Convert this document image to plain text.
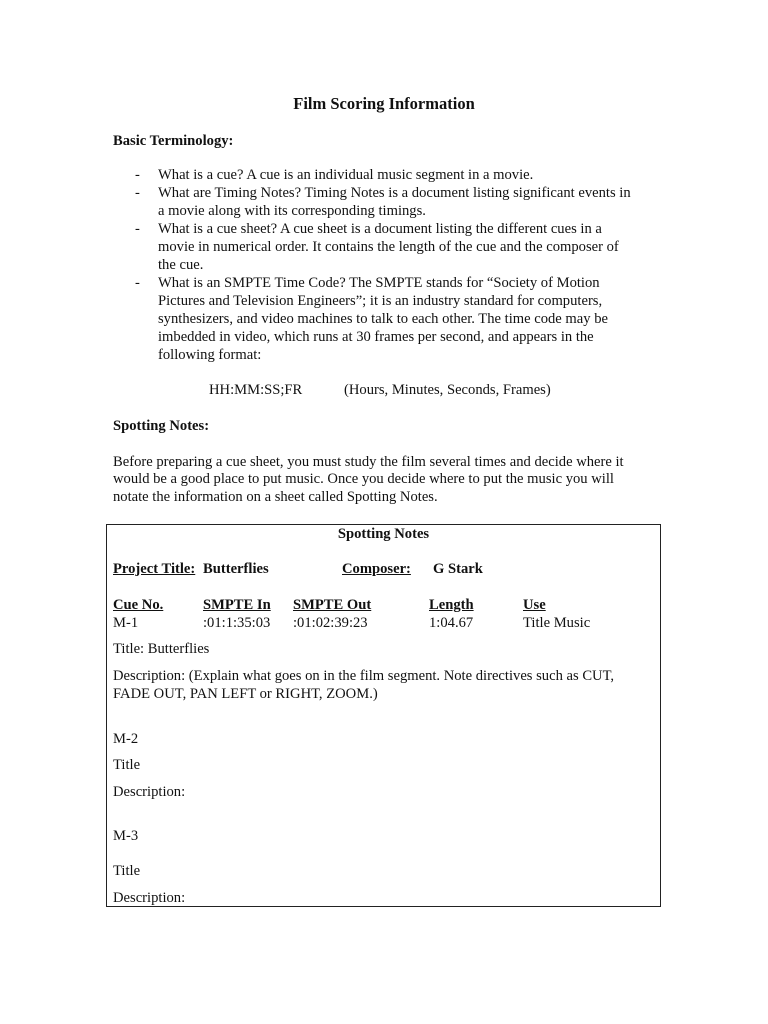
Film Scoring Information
Basic Terminology:
- What is a cue? A cue is an individual music segment in a movie.
- What are Timing Notes? Timing Notes is a document listing significant events in
a movie along with its corresponding timings.
- What is a cue sheet? A cue sheet is a document listing the different cues in a
movie in numerical order. It contains the length of the cue and the composer of
the cue.
- What is an SMPTE Time Code? The SMPTE stands for “Society of Motion
Pictures and Television Engineers”; it is an industry standard for computers,
synthesizers, and video machines to talk to each other. The time code may be
imbedded in video, which runs at 30 frames per second, and appears in the
following format:
HH:MM:SS;FR	(Hours, Minutes, Seconds, Frames)
Spotting Notes:
Before preparing a cue sheet, you must study the film several times and decide where it
would be a good place to put music. Once you decide where to put the music you will
notate the information on a sheet called Spotting Notes.
Spotting Notes
Project Title: Butterflies	Composer: G Stark
Cue No.	SMPTE In SMPTE Out	Length	Use
M-1	:01:1:35:03 :01:02:39:23	1:04.67	Title Music
Title: Butterflies
Description: (Explain what goes on in the film segment. Note directives such as CUT,
FADE OUT, PAN LEFT or RIGHT, ZOOM.)
M-2
Title
Description:
M-3
Title
Description:
